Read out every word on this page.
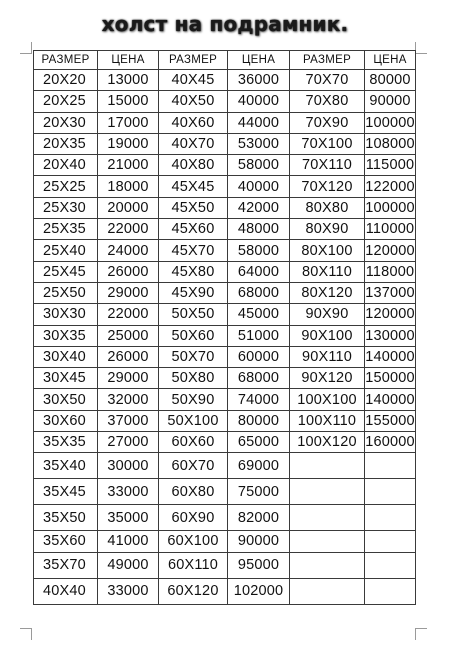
холст на подрамник.
РАЗМЕР	ЦЕНА	РАЗМЕР	ЦЕНА	РАЗМЕР	ЦЕНА
20X20	13000	40X45	36000	70X70	80000
20X25	15000	40X50	40000	70X80	90000
20X30	17000	40X60	44000	70X90	100000
20X35	19000	40X70	53000	70X100	108000
20X40	21000	40X80	58000	70X110	115000
25X25	18000	45X45	40000	70X120	122000
25X30	20000	45X50	42000	80X80	100000
25X35	22000	45X60	48000	80X90	110000
25X40	24000	45X70	58000	80X100	120000
25X45	26000	45X80	64000	80X110	118000
25X50	29000	45X90	68000	80X120	137000
30X30	22000	50X50	45000	90X90	120000
30X35	25000	50X60	51000	90X100	130000
30X40	26000	50X70	60000	90X110	140000
30X45	29000	50X80	68000	90X120	150000
30X50	32000	50X90	74000	100X100	140000
30X60	37000	50X100	80000	100X110	155000
35X35	27000	60X60	65000	100X120	160000
35X40	30000	60X70	69000		
35X45	33000	60X80	75000		
35X50	35000	60X90	82000		
35X60	41000	60X100	90000		
35X70	49000	60X110	95000		
40X40	33000	60X120	102000		
